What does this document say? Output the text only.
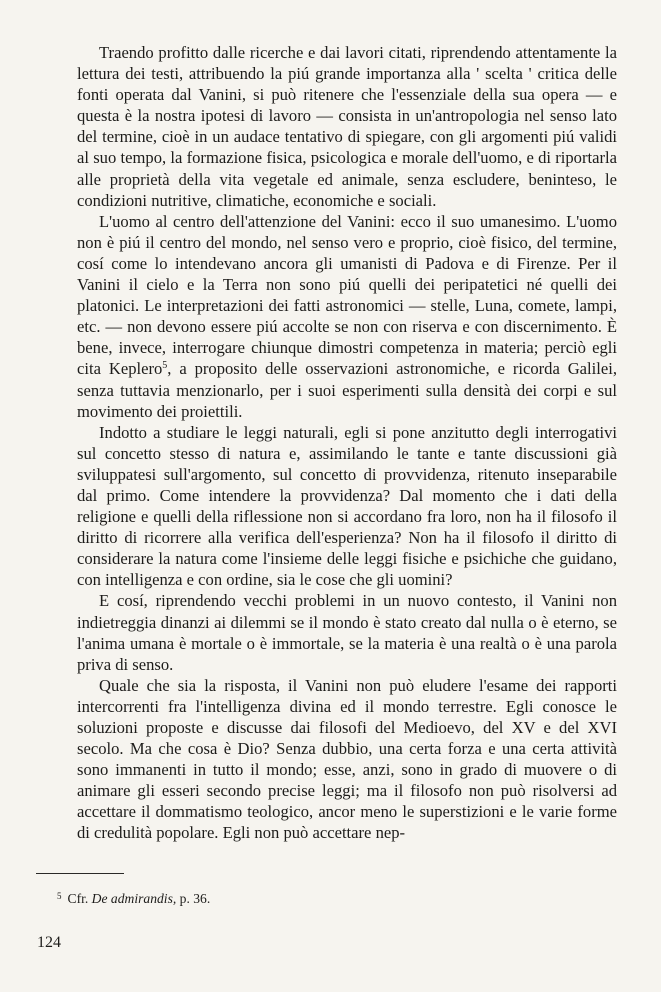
Traendo profitto dalle ricerche e dai lavori citati, riprendendo attentamente la lettura dei testi, attribuendo la piú grande importanza alla ' scelta ' critica delle fonti operata dal Vanini, si può ritenere che l'essenziale della sua opera — e questa è la nostra ipotesi di lavoro — consista in un'antropologia nel senso lato del termine, cioè in un audace tentativo di spiegare, con gli argomenti piú validi al suo tempo, la formazione fisica, psicologica e morale dell'uomo, e di riportarla alle proprietà della vita vegetale ed animale, senza escludere, beninteso, le condizioni nutritive, climatiche, economiche e sociali.

L'uomo al centro dell'attenzione del Vanini: ecco il suo umanesimo. L'uomo non è piú il centro del mondo, nel senso vero e proprio, cioè fisico, del termine, cosí come lo intendevano ancora gli umanisti di Padova e di Firenze. Per il Vanini il cielo e la Terra non sono piú quelli dei peripatetici né quelli dei platonici. Le interpretazioni dei fatti astronomici — stelle, Luna, comete, lampi, etc. — non devono essere piú accolte se non con riserva e con discernimento. È bene, invece, interrogare chiunque dimostri competenza in materia; perciò egli cita Keplero$^5$, a proposito delle osservazioni astronomiche, e ricorda Galilei, senza tuttavia menzionarlo, per i suoi esperimenti sulla densità dei corpi e sul movimento dei proiettili.

Indotto a studiare le leggi naturali, egli si pone anzitutto degli interrogativi sul concetto stesso di natura e, assimilando le tante e tante discussioni già sviluppatesi sull'argomento, sul concetto di provvidenza, ritenuto inseparabile dal primo. Come intendere la provvidenza? Dal momento che i dati della religione e quelli della riflessione non si accordano fra loro, non ha il filosofo il diritto di ricorrere alla verifica dell'esperienza? Non ha il filosofo il diritto di considerare la natura come l'insieme delle leggi fisiche e psichiche che guidano, con intelligenza e con ordine, sia le cose che gli uomini?

E cosí, riprendendo vecchi problemi in un nuovo contesto, il Vanini non indietreggia dinanzi ai dilemmi se il mondo è stato creato dal nulla o è eterno, se l'anima umana è mortale o è immortale, se la materia è una realtà o è una parola priva di senso.

Quale che sia la risposta, il Vanini non può eludere l'esame dei rapporti intercorrenti fra l'intelligenza divina ed il mondo terrestre. Egli conosce le soluzioni proposte e discusse dai filosofi del Medioevo, del XV e del XVI secolo. Ma che cosa è Dio? Senza dubbio, una certa forza e una certa attività sono immanenti in tutto il mondo; esse, anzi, sono in grado di muovere o di animare gli esseri secondo precise leggi; ma il filosofo non può risolversi ad accettare il dommatismo teologico, ancor meno le superstizioni e le varie forme di credulità popolare. Egli non può accettare nep-

$^5$ Cfr. De admirandis, p. 36.
124
